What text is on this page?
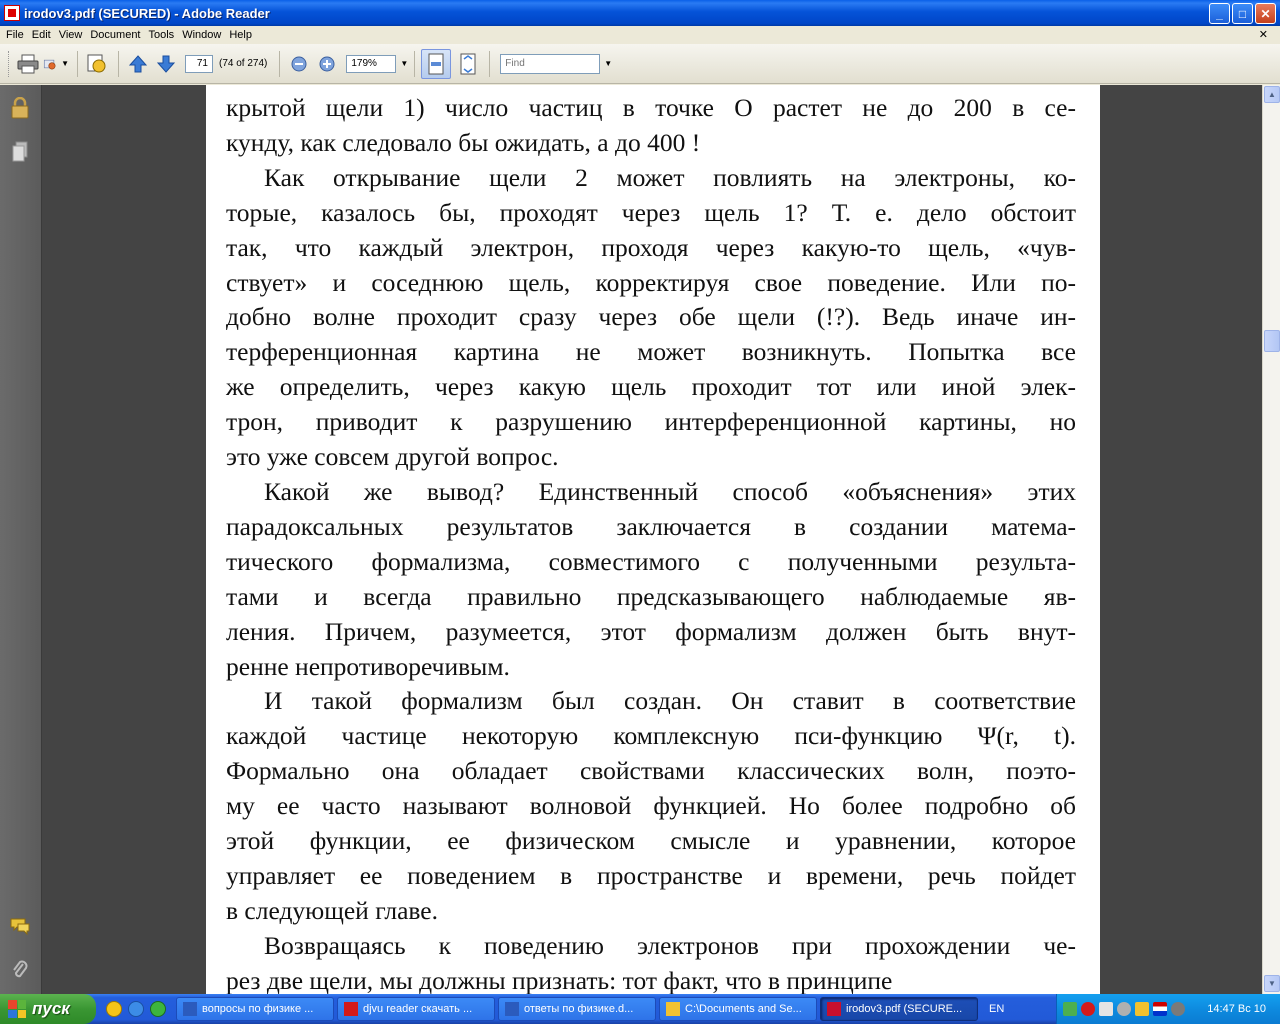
irodov3.pdf (SECURED) - Adobe Reader	_	□	✕
File Edit View Document Tools Window Help	✕
▼	71	(74 of 274)	179%	▼
Find	▼

крытой щели 1) число частиц в точке O растет не до 200 в се-
кунду, как следовало бы ожидать, а до 400 !

Как открывание щели 2 может повлиять на электроны, ко-
торые, казалось бы, проходят через щель 1? Т. е. дело обстоит
так, что каждый электрон, проходя через какую-то щель, «чув-
ствует» и соседнюю щель, корректируя свое поведение. Или по-
добно волне проходит сразу через обе щели (!?). Ведь иначе ин-
терференционная картина не может возникнуть. Попытка все
же определить, через какую щель проходит тот или иной элек-
трон, приводит к разрушению интерференционной картины, но
это уже совсем другой вопрос.

Какой же вывод? Единственный способ «объяснения» этих
парадоксальных результатов заключается в создании матема-
тического формализма, совместимого с полученными результа-
тами и всегда правильно предсказывающего наблюдаемые яв-
ления. Причем, разумеется, этот формализм должен быть внут-
ренне непротиворечивым.

И такой формализм был создан. Он ставит в соответствие
каждой частице некоторую комплексную пси-функцию Ψ(r, t).
Формально она обладает свойствами классических волн, поэто-
му ее часто называют волновой функцией. Но более подробно об
этой функции, ее физическом смысле и уравнении, которое
управляет ее поведением в пространстве и времени, речь пойдет
в следующей главе.

Возвращаясь к поведению электронов при прохождении че-
рез две щели, мы должны признать: тот факт, что в принципе

▲
▼
пуск	вопросы по физике ...	djvu reader скачать ...	ответы по физике.d...	C:\Documents and Se...	irodov3.pdf (SECURE... EN	14:47 Вс 10
